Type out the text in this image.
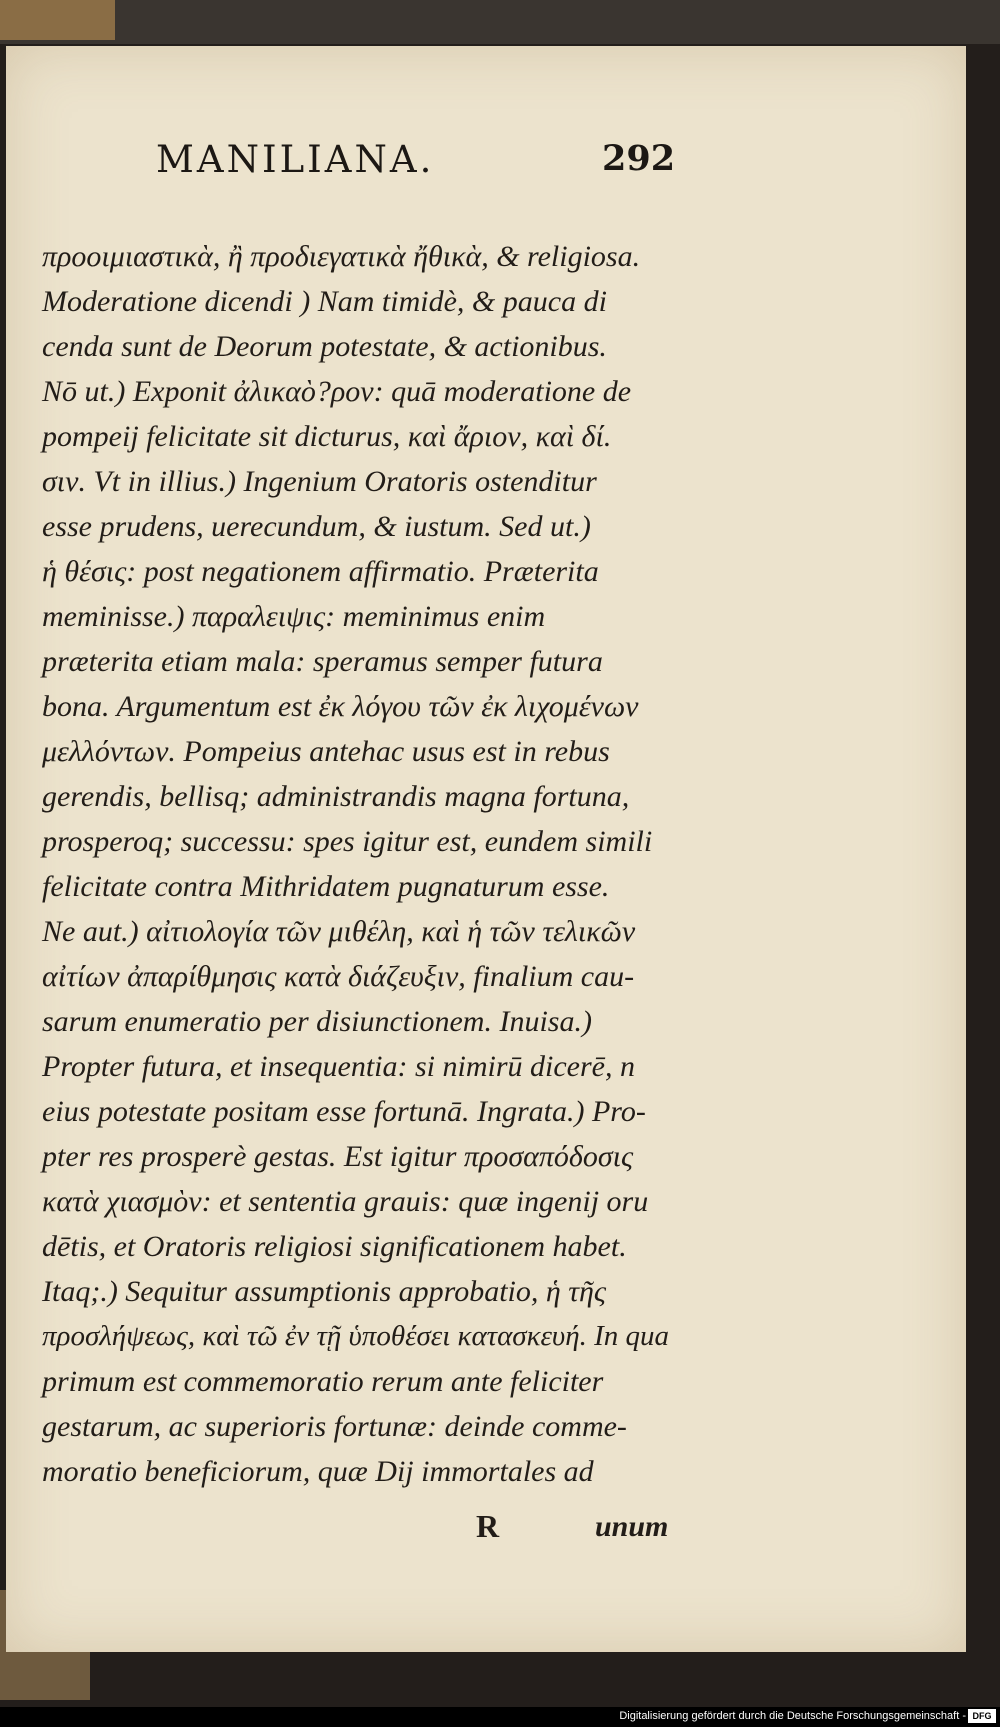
MANILIANA.	292
προοιμιαστικὰ, ἢ προδιεγατικὰ ἤθικὰ, & religiosa.
Moderatione dicendi ) Nam timidè, & pauca di
cenda sunt de Deorum potestate, & actionibus.
Nō ut.) Exponit ἀλικαὸ?ρον: quā moderatione de
pompeij felicitate sit dicturus, καὶ ἄριον, καὶ δί.
σιν. Vt in illius.) Ingenium Oratoris ostenditur
esse prudens, uerecundum, & iustum. Sed ut.)
ἡ θέσις: post negationem affirmatio. Præterita
meminisse.) παραλειψις: meminimus enim
præterita etiam mala: speramus semper futura
bona. Argumentum est ἐκ λόγου τῶν ἐκ λιχομένων
μελλόντων. Pompeius antehac usus est in rebus
gerendis, bellisq; administrandis magna fortuna,
prosperoq; successu: spes igitur est, eundem simili
felicitate contra Mithridatem pugnaturum esse.
Ne aut.) αἰτιολογία τῶν μιθέλη, καὶ ἡ τῶν τελικῶν
αἰτίων ἀπαρίθμησις κατὰ διάζευξιν, finalium cau-
sarum enumeratio per disiunctionem. Inuisa.)
Propter futura, et insequentia: si nimirū dicerē, n
eius potestate positam esse fortunā. Ingrata.) Pro-
pter res prosperè gestas. Est igitur προσαπόδοσις
κατὰ χιασμὸν: et sententia grauis: quæ ingenij oru
dētis, et Oratoris religiosi significationem habet.
Itaq;.) Sequitur assumptionis approbatio, ἡ τῆς
προσλήψεως, καὶ τῶ ἐν τῇ ὑποθέσει κατασκευή. In qua
primum est commemoratio rerum ante feliciter
gestarum, ac superioris fortunæ: deinde comme-
moratio beneficiorum, quæ Dij immortales ad
R	unum
Digitalisierung gefördert durch die Deutsche Forschungsgemeinschaft - DFG
